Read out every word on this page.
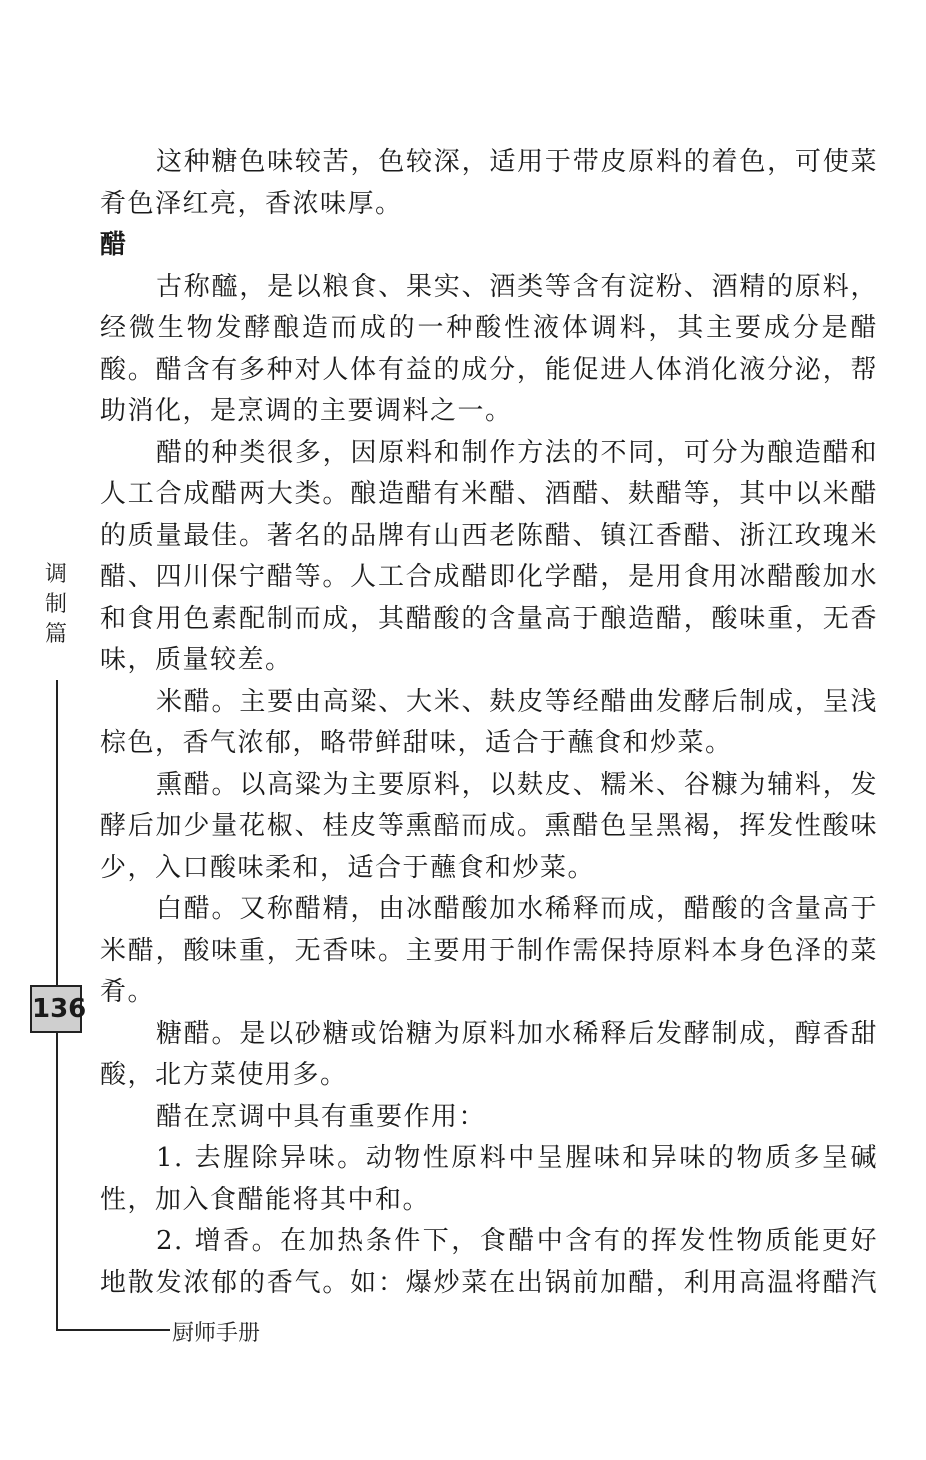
这种糖色味较苦，色较深，适用于带皮原料的着色，可使菜
肴色泽红亮，香浓味厚。
醋
古称醯，是以粮食、果实、酒类等含有淀粉、酒精的原料，
经微生物发酵酿造而成的一种酸性液体调料，其主要成分是醋
酸。醋含有多种对人体有益的成分，能促进人体消化液分泌，帮
助消化，是烹调的主要调料之一。
醋的种类很多，因原料和制作方法的不同，可分为酿造醋和
人工合成醋两大类。酿造醋有米醋、酒醋、麸醋等，其中以米醋
的质量最佳。著名的品牌有山西老陈醋、镇江香醋、浙江玫瑰米
醋、四川保宁醋等。人工合成醋即化学醋，是用食用冰醋酸加水
和食用色素配制而成，其醋酸的含量高于酿造醋，酸味重，无香
味，质量较差。
米醋。主要由高粱、大米、麸皮等经醋曲发酵后制成，呈浅
棕色，香气浓郁，略带鲜甜味，适合于蘸食和炒菜。
熏醋。以高粱为主要原料，以麸皮、糯米、谷糠为辅料，发
酵后加少量花椒、桂皮等熏醅而成。熏醋色呈黑褐，挥发性酸味
少，入口酸味柔和，适合于蘸食和炒菜。
白醋。又称醋精，由冰醋酸加水稀释而成，醋酸的含量高于
米醋，酸味重，无香味。主要用于制作需保持原料本身色泽的菜
肴。
糖醋。是以砂糖或饴糖为原料加水稀释后发酵制成，醇香甜
酸，北方菜使用多。
醋在烹调中具有重要作用：
1. 去腥除异味。动物性原料中呈腥味和异味的物质多呈碱
性，加入食醋能将其中和。
2. 增香。在加热条件下，食醋中含有的挥发性物质能更好
地散发浓郁的香气。如：爆炒菜在出锅前加醋，利用高温将醋汽
调
制
篇
136
厨师手册
